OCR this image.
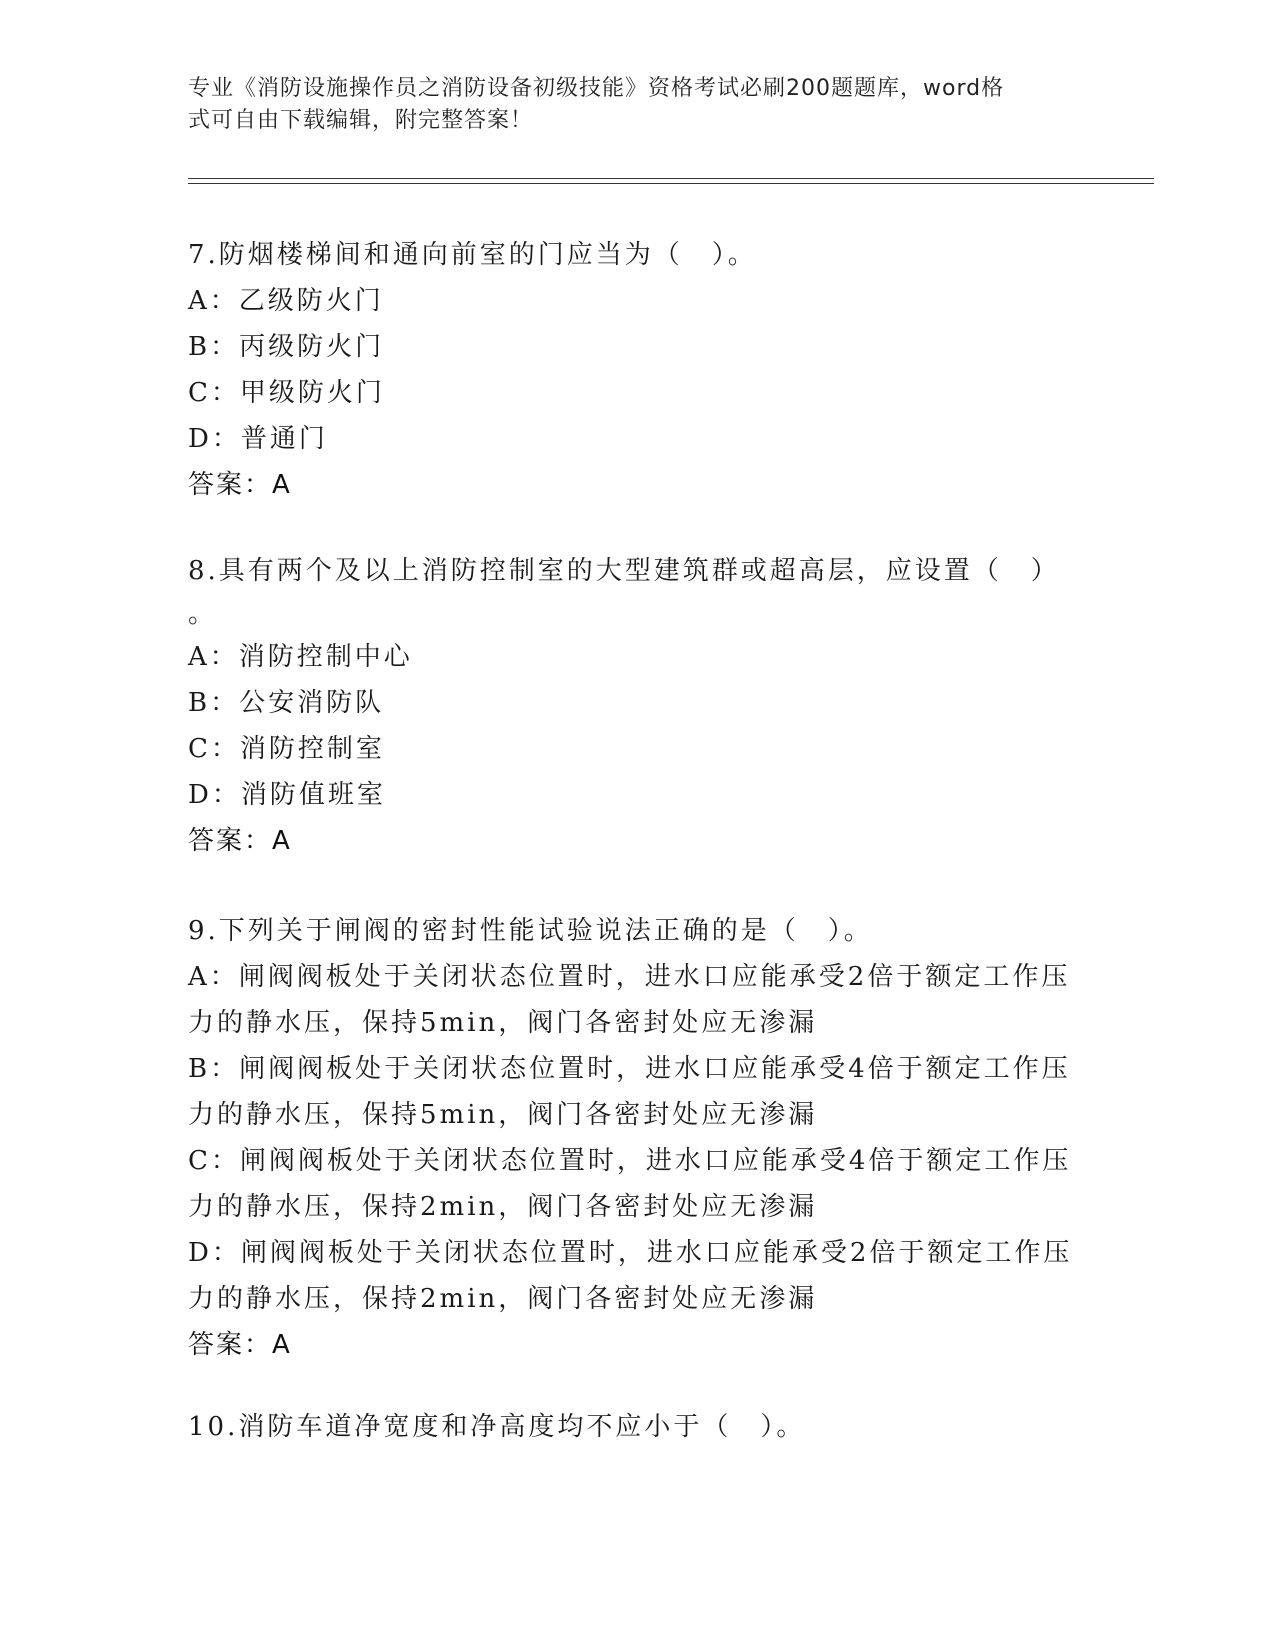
专业《消防设施操作员之消防设备初级技能》资格考试必刷200题题库，word格
式可自由下载编辑，附完整答案！
7.防烟楼梯间和通向前室的门应当为（　）。
A：乙级防火门
B：丙级防火门
C：甲级防火门
D：普通门
答案：A
8.具有两个及以上消防控制室的大型建筑群或超高层，应设置（　）
。
A：消防控制中心
B：公安消防队
C：消防控制室
D：消防值班室
答案：A
9.下列关于闸阀的密封性能试验说法正确的是（　）。
A：闸阀阀板处于关闭状态位置时，进水口应能承受2倍于额定工作压
力的静水压，保持5min，阀门各密封处应无渗漏
B：闸阀阀板处于关闭状态位置时，进水口应能承受4倍于额定工作压
力的静水压，保持5min，阀门各密封处应无渗漏
C：闸阀阀板处于关闭状态位置时，进水口应能承受4倍于额定工作压
力的静水压，保持2min，阀门各密封处应无渗漏
D：闸阀阀板处于关闭状态位置时，进水口应能承受2倍于额定工作压
力的静水压，保持2min，阀门各密封处应无渗漏
答案：A
10.消防车道净宽度和净高度均不应小于（　）。
